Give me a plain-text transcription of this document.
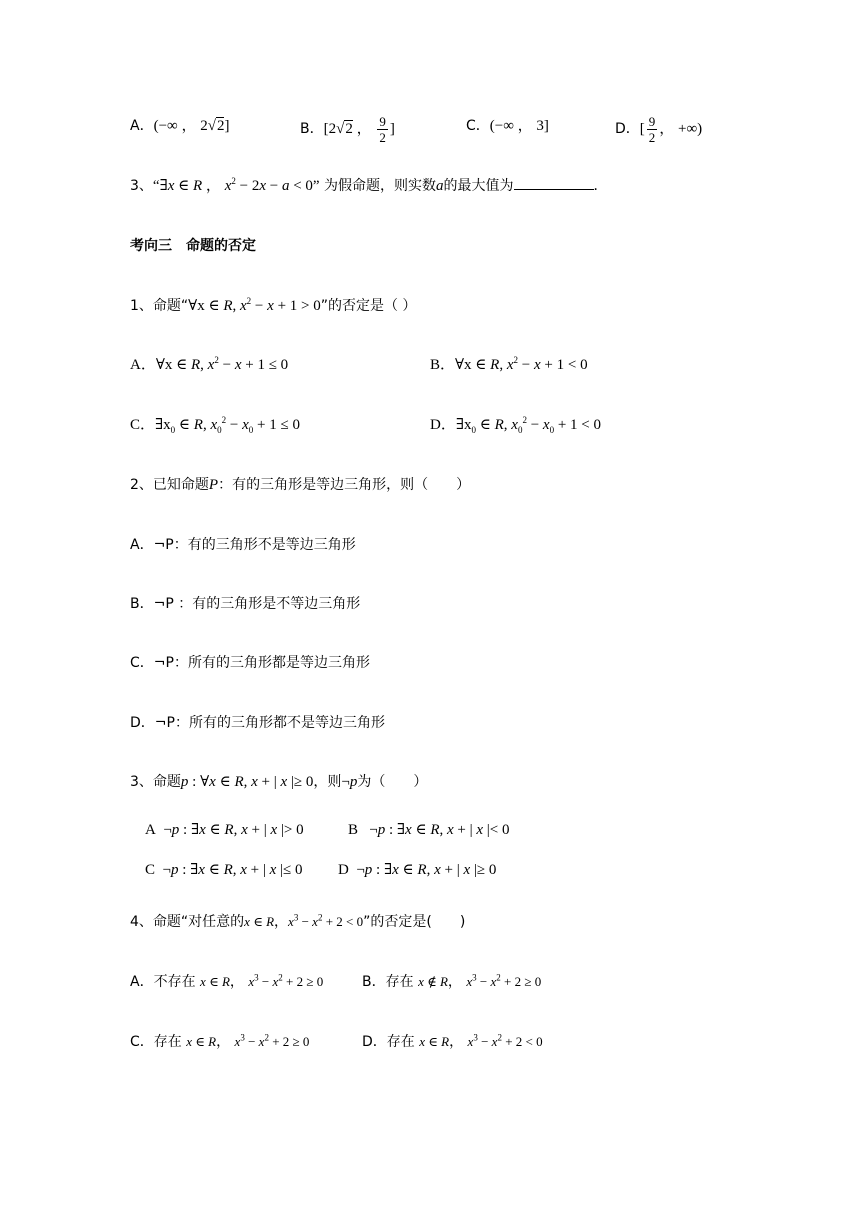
A．(−∞ ， 2√2]	B．[2√2 ， $\frac{9}{2}$ ]	C．(−∞ ， 3]	D．[ $\frac{9}{2}$ ， +∞)
3、“∃x ∈ R ， $x^2 - 2x - a < 0$” 为假命题，则实数a的最大值为	．
考向三　命题的否定
1、命题“∀x ∈ R, $x^2 - x + 1 > 0$”的否定是（ ）
A．∀x ∈ R, $x^2 - x + 1 \le 0$	B．∀x ∈ R, $x^2 - x + 1 < 0$
C．$\exists x_0$ ∈ R, $x_0^2 - x_0 + 1 \le 0$	D．$\exists x_0$ ∈ R, $x_0^2 - x_0 + 1 < 0$
2、已知命题P：有的三角形是等边三角形，则（　　）
A．¬P：有的三角形不是等边三角形
B．¬P ：有的三角形是不等边三角形
C．¬P：所有的三角形都是等边三角形
D．¬P：所有的三角形都不是等边三角形
3、命题p : ∀x ∈ R, x + | x |≥ 0，则¬p为（　　）
A  ¬p : ∃x ∈ R, x + | x |> 0	B   ¬p : ∃x ∈ R, x + | x |< 0
C  ¬p : ∃x ∈ R, x + | x |≤ 0 D  ¬p : ∃x ∈ R, x + | x |≥ 0
4、命题“对任意的x ∈ R，$x^3 - x^2 + 2 < 0$”的否定是(　　)
A．不存在 x ∈ R， $x^3 - x^2 + 2 \ge 0$	B．存在 x ∉ R， $x^3 - x^2 + 2 \ge 0$
C．存在 x ∈ R， $x^3 - x^2 + 2 \ge 0$	D．存在 x ∈ R， $x^3 - x^2 + 2 < 0$
